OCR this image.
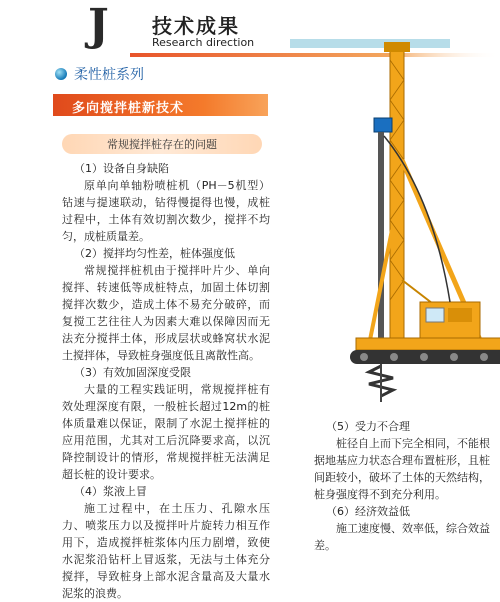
J 技术成果
Research direction
柔性桩系列
多向搅拌桩新技术
常规搅拌桩存在的问题
（1）设备自身缺陷
原单向单轴粉喷桩机（PH－5机型）钻速与提速联动，钻得慢提得也慢，成桩过程中，土体有效切割次数少，搅拌不均匀，成桩质量差。
（2）搅拌均匀性差，桩体强度低
常规搅拌桩机由于搅拌叶片少、单向搅拌、转速低等成桩特点，加固土体切割搅拌次数少，造成土体不易充分破碎，而复搅工艺往往人为因素大难以保障因而无法充分搅拌土体，形成层状或蜂窝状水泥土搅拌体，导致桩身强度低且离散性高。
（3）有效加固深度受限
大量的工程实践证明，常规搅拌桩有效处理深度有限，一般桩长超过12m的桩体质量难以保证，限制了水泥土搅拌桩的应用范围，尤其对工后沉降要求高，以沉降控制设计的情形，常规搅拌桩无法满足超长桩的设计要求。
（4）浆液上冒
施工过程中，在土压力、孔隙水压力、喷浆压力以及搅拌叶片旋转力相互作用下，造成搅拌桩浆体内压力剧增，致使水泥浆沿钻杆上冒返浆，无法与土体充分搅拌，导致桩身上部水泥含量高及大量水泥浆的浪费。
（5）受力不合理
桩径自上而下完全相同，不能根据地基应力状态合理布置桩形，且桩间距较小，破坏了土体的天然结构，桩身强度得不到充分利用。
（6）经济效益低
施工速度慢、效率低，综合效益差。
